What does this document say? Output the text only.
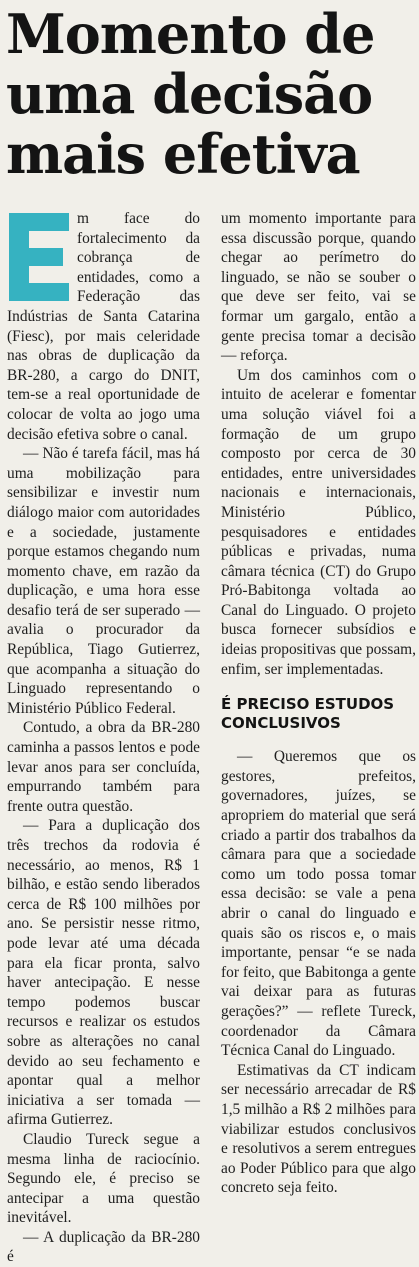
Momento de
uma decisão
mais efetiva

m face do fortalecimento da cobrança de entidades, como a Federação das Indústrias de Santa Catarina (Fiesc), por mais celeridade nas obras de duplicação da BR-280, a cargo do DNIT, tem-se a real oportunidade de colocar de volta ao jogo uma decisão efetiva sobre o canal.

— Não é tarefa fácil, mas há uma mobilização para sensibilizar e investir num diálogo maior com autoridades e a sociedade, justamente porque estamos chegando num momento chave, em razão da duplicação, e uma hora esse desafio terá de ser superado — avalia o procurador da República, Tiago Gutierrez, que acompanha a situação do Linguado representando o Ministério Público Federal.

Contudo, a obra da BR-280 caminha a passos lentos e pode levar anos para ser concluída, empurrando também para frente outra questão.

— Para a duplicação dos três trechos da rodovia é necessário, ao menos, R$ 1 bilhão, e estão sendo liberados cerca de R$ 100 milhões por ano. Se persistir nesse ritmo, pode levar até uma década para ela ficar pronta, salvo haver antecipação. E nesse tempo podemos buscar recursos e realizar os estudos sobre as alterações no canal devido ao seu fechamento e apontar qual a melhor iniciativa a ser tomada — afirma Gutierrez.

Claudio Tureck segue a mesma linha de raciocínio. Segundo ele, é preciso se antecipar a uma questão inevitável.

— A duplicação da BR-280 é

um momento importante para essa discussão porque, quando chegar ao perímetro do linguado, se não se souber o que deve ser feito, vai se formar um gargalo, então a gente precisa tomar a decisão — reforça.

Um dos caminhos com o intuito de acelerar e fomentar uma solução viável foi a formação de um grupo composto por cerca de 30 entidades, entre universidades nacionais e internacionais, Ministério Público, pesquisadores e entidades públicas e privadas, numa câmara técnica (CT) do Grupo Pró-Babitonga voltada ao Canal do Linguado. O projeto busca fornecer subsídios e ideias propositivas que possam, enfim, ser implementadas.

É PRECISO ESTUDOS CONCLUSIVOS

— Queremos que os gestores, prefeitos, governadores, juízes, se apropriem do material que será criado a partir dos trabalhos da câmara para que a sociedade como um todo possa tomar essa decisão: se vale a pena abrir o canal do linguado e quais são os riscos e, o mais importante, pensar “e se nada for feito, que Babitonga a gente vai deixar para as futuras gerações?” — reflete Tureck, coordenador da Câmara Técnica Canal do Linguado.

Estimativas da CT indicam ser necessário arrecadar de R$ 1,5 milhão a R$ 2 milhões para viabilizar estudos conclusivos e resolutivos a serem entregues ao Poder Público para que algo concreto seja feito.
